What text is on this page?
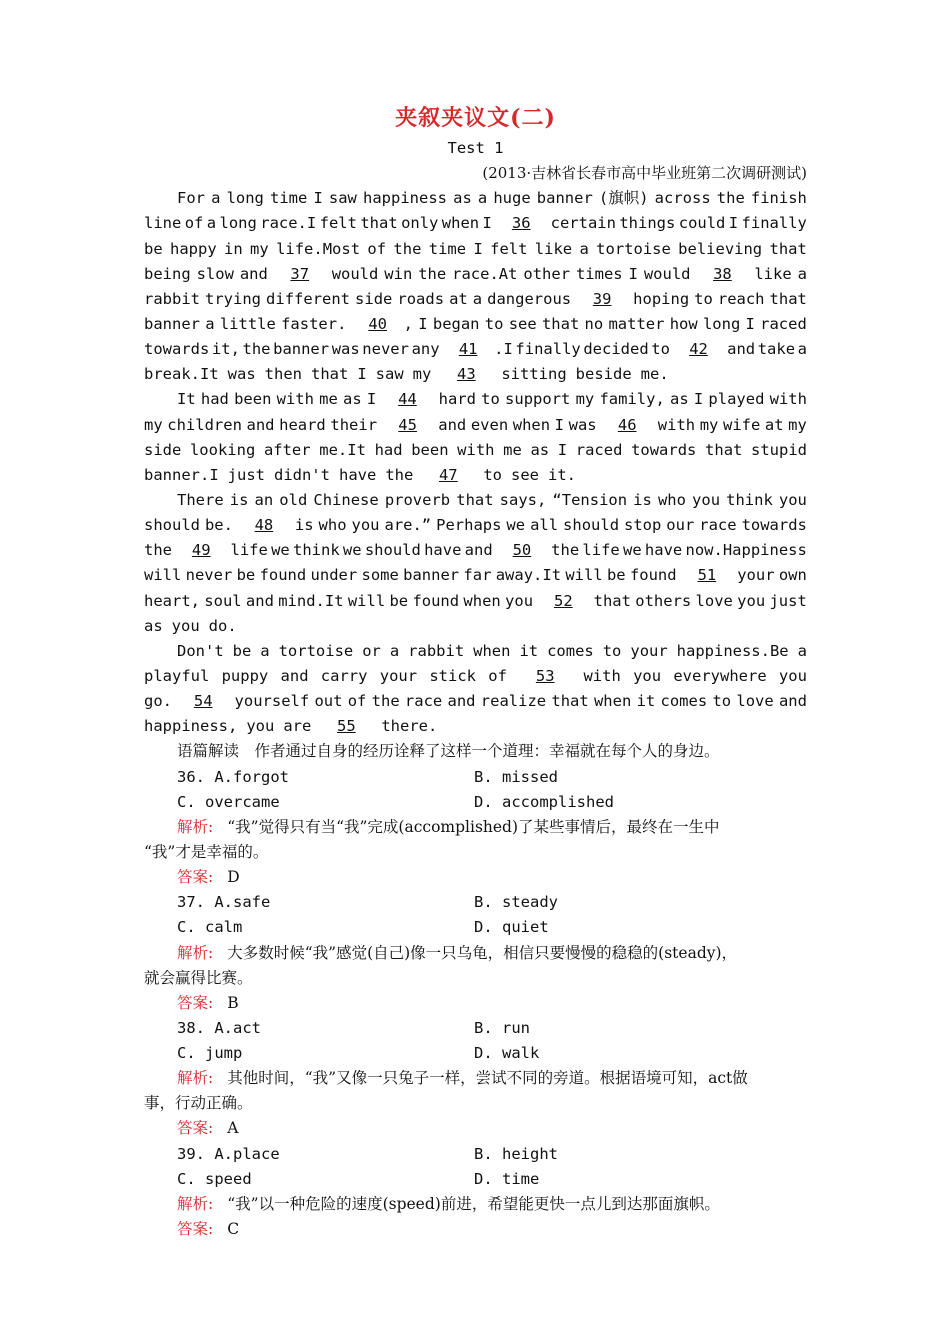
夹叙夹议文(二)
Test 1
(2013·吉林省长春市高中毕业班第二次调研测试)
For a long time I saw happiness as a huge banner (旗帜) across the finish
line of a long race.I felt that only when I	36	certain things could I finally
be happy in my life.Most of the time I felt like a tortoise believing that
being slow and	37	would win the race.At other times I would	38	like a
rabbit trying different side roads at a dangerous	39	hoping to reach that
banner a little faster.	40 , I began to see that no matter how long I raced
towards it, the banner was never any	41 .I finally decided to	42	and take a
break.It was then that I saw my	43	sitting beside me.
It had been with me as I	44	hard to support my family, as I played with
my children and heard their	45	and even when I was	46	with my wife at my
side looking after me.It had been with me as I raced towards that stupid
banner.I just didn't have the	47	to see it.
There is an old Chinese proverb that says, “Tension is who you think you
should be.	48	is who you are.” Perhaps we all should stop our race towards
the	49	life we think we should have and	50	the life we have now.Happiness
will never be found under some banner far away.It will be found	51	your own
heart, soul and mind.It will be found when you	52	that others love you just
as you do.
Don't be a tortoise or a rabbit when it comes to your happiness.Be a
playful puppy and carry your stick of	53	with you everywhere you
go.	54	yourself out of the race and realize that when it comes to love and
happiness, you are	55	there.
语篇解读　作者通过自身的经历诠释了这样一个道理：幸福就在每个人的身边。
36. A.forgot	B. missed
C. overcame	D. accomplished
解析: “我”觉得只有当“我”完成(accomplished)了某些事情后，最终在一生中
“我”才是幸福的。
答案: D
37. A.safe	B. steady
C. calm	D. quiet
解析: 大多数时候“我”感觉(自己)像一只乌龟，相信只要慢慢的稳稳的(steady)，
就会赢得比赛。
答案: B
38. A.act	B. run
C. jump	D. walk
解析: 其他时间，“我”又像一只兔子一样，尝试不同的旁道。根据语境可知，act做
事，行动正确。
答案: A
39. A.place	B. height
C. speed	D. time
解析: “我”以一种危险的速度(speed)前进，希望能更快一点儿到达那面旗帜。
答案: C
